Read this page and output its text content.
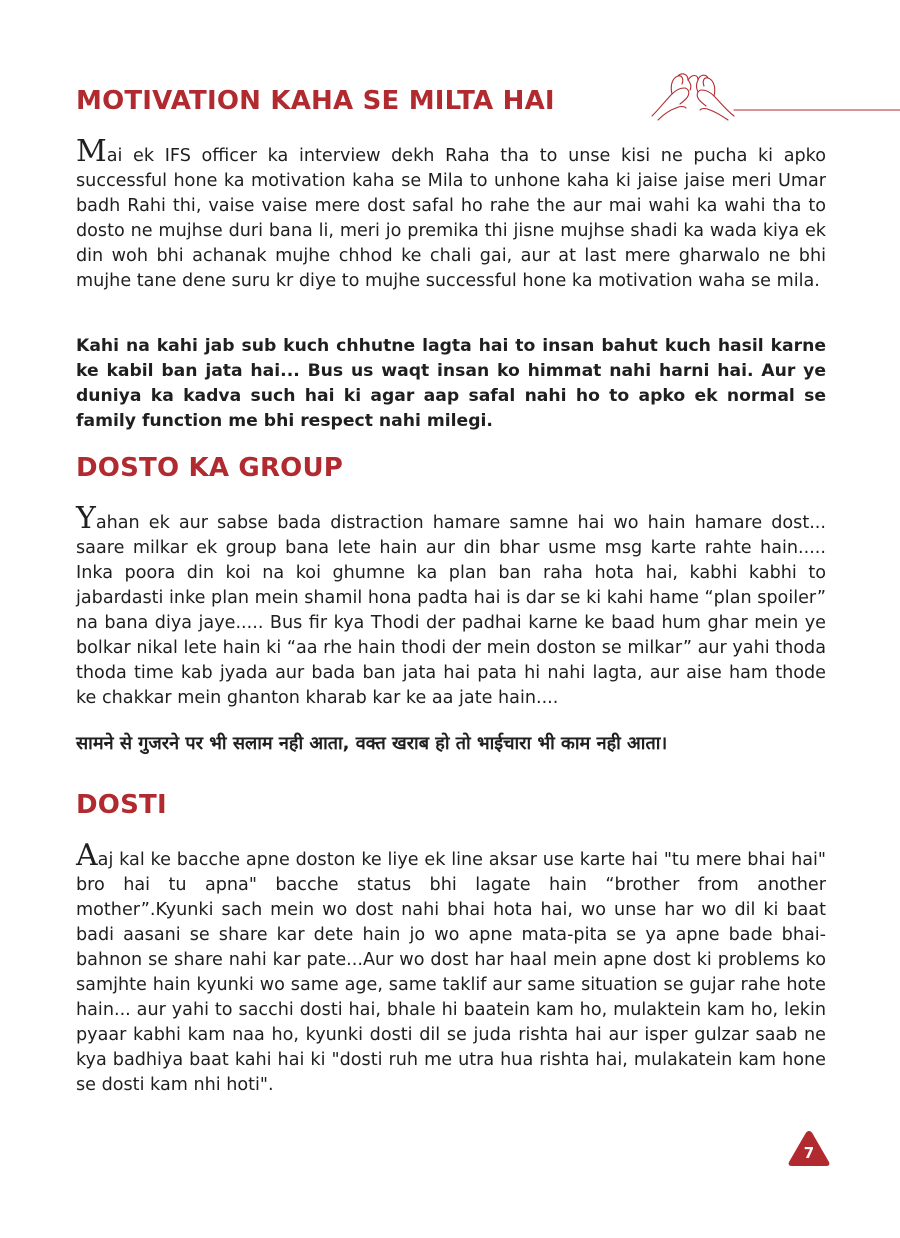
MOTIVATION KAHA SE MILTA HAI

Mai ek IFS officer ka interview dekh Raha tha to unse kisi ne pucha ki apko successful hone ka motivation kaha se Mila to unhone kaha ki jaise jaise meri Umar badh Rahi thi, vaise vaise mere dost safal ho rahe the aur mai wahi ka wahi tha to dosto ne mujhse duri bana li, meri jo premika thi jisne mujhse shadi ka wada kiya ek din woh bhi achanak mujhe chhod ke chali gai, aur at last mere gharwalo ne bhi mujhe tane dene suru kr diye to mujhe successful hone ka motivation waha se mila.

Kahi na kahi jab sub kuch chhutne lagta hai to insan bahut kuch hasil karne ke kabil ban jata hai... Bus us waqt insan ko himmat nahi harni hai. Aur ye duniya ka kadva such hai ki agar aap safal nahi ho to apko ek normal se family function me bhi respect nahi milegi.

DOSTO KA GROUP

Yahan ek aur sabse bada distraction hamare samne hai wo hain hamare dost... saare milkar ek group bana lete hain aur din bhar usme msg karte rahte hain..... Inka poora din koi na koi ghumne ka plan ban raha hota hai, kabhi kabhi to jabardasti inke plan mein shamil hona padta hai is dar se ki kahi hame “plan spoiler” na bana diya jaye..... Bus fir kya Thodi der padhai karne ke baad hum ghar mein ye bolkar nikal lete hain ki “aa rhe hain thodi der mein doston se milkar” aur yahi thoda thoda time kab jyada aur bada ban jata hai pata hi nahi lagta, aur aise ham thode ke chakkar mein ghanton kharab kar ke aa jate hain....

सामने से गुजरने पर भी सलाम नही आता, वक्त खराब हो तो भाईचारा भी काम नही आता।

DOSTI

Aaj kal ke bacche apne doston ke liye ek line aksar use karte hai "tu mere bhai hai" bro hai tu apna" bacche status bhi lagate hain “brother from another mother”.Kyunki sach mein wo dost nahi bhai hota hai, wo unse har wo dil ki baat badi aasani se share kar dete hain jo wo apne mata-pita se ya apne bade bhai-bahnon se share nahi kar pate...Aur wo dost har haal mein apne dost ki problems ko samjhte hain kyunki wo same age, same taklif aur same situation se gujar rahe hote hain... aur yahi to sacchi dosti hai, bhale hi baatein kam ho, mulaktein kam ho, lekin pyaar kabhi kam naa ho, kyunki dosti dil se juda rishta hai aur isper gulzar saab ne kya badhiya baat kahi hai ki "dosti ruh me utra hua rishta hai, mulakatein kam hone se dosti kam nhi hoti".

7
